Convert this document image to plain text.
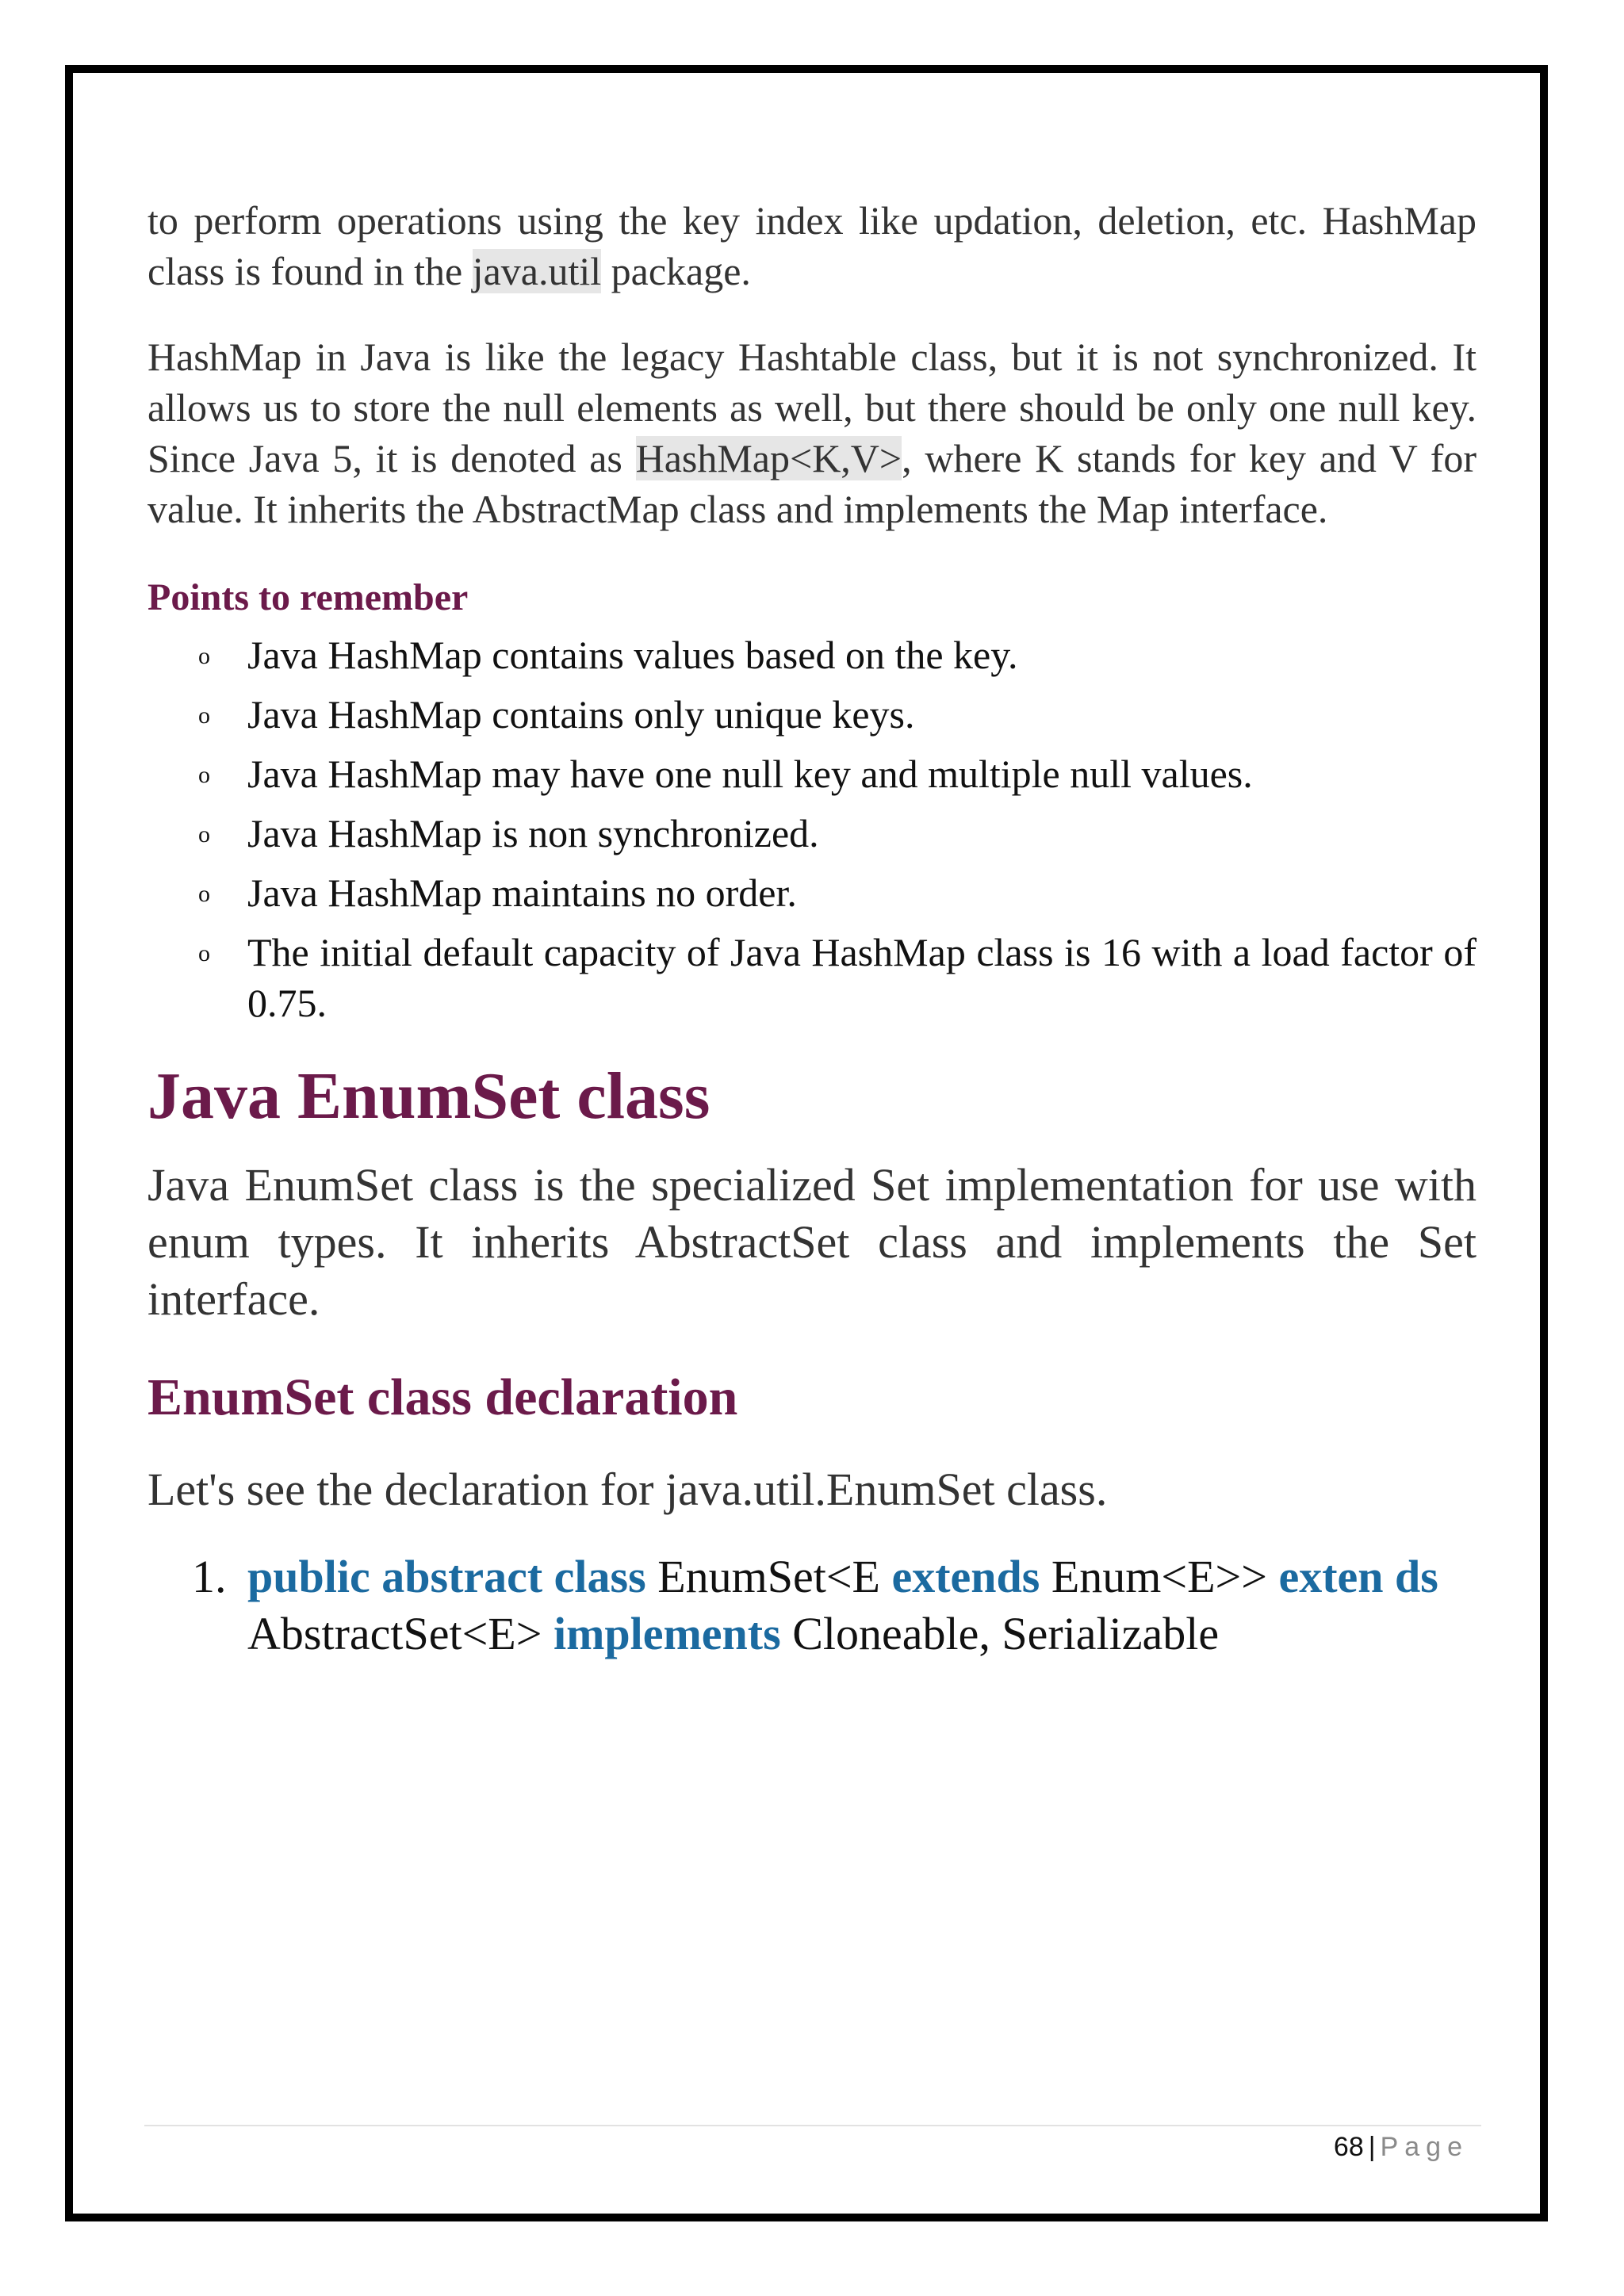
to perform operations using the key index like updation, deletion, etc. HashMap class is found in the java.util package.

HashMap in Java is like the legacy Hashtable class, but it is not synchronized. It allows us to store the null elements as well, but there should be only one null key. Since Java 5, it is denoted as HashMap<K,V>, where K stands for key and V for value. It inherits the AbstractMap class and implements the Map interface.

Points to remember
o Java HashMap contains values based on the key.
o Java HashMap contains only unique keys.
o Java HashMap may have one null key and multiple null values.
o Java HashMap is non synchronized.
o Java HashMap maintains no order.
o The initial default capacity of Java HashMap class is 16 with a load factor of 0.75.
Java EnumSet class

Java EnumSet class is the specialized Set implementation for use with enum types. It inherits AbstractSet class and implements the Set interface.

EnumSet class declaration

Let's see the declaration for java.util.EnumSet class.

1. public abstract class EnumSet<E extends Enum<E>> exten ds AbstractSet<E> implements Cloneable, Serializable
68 | Page
